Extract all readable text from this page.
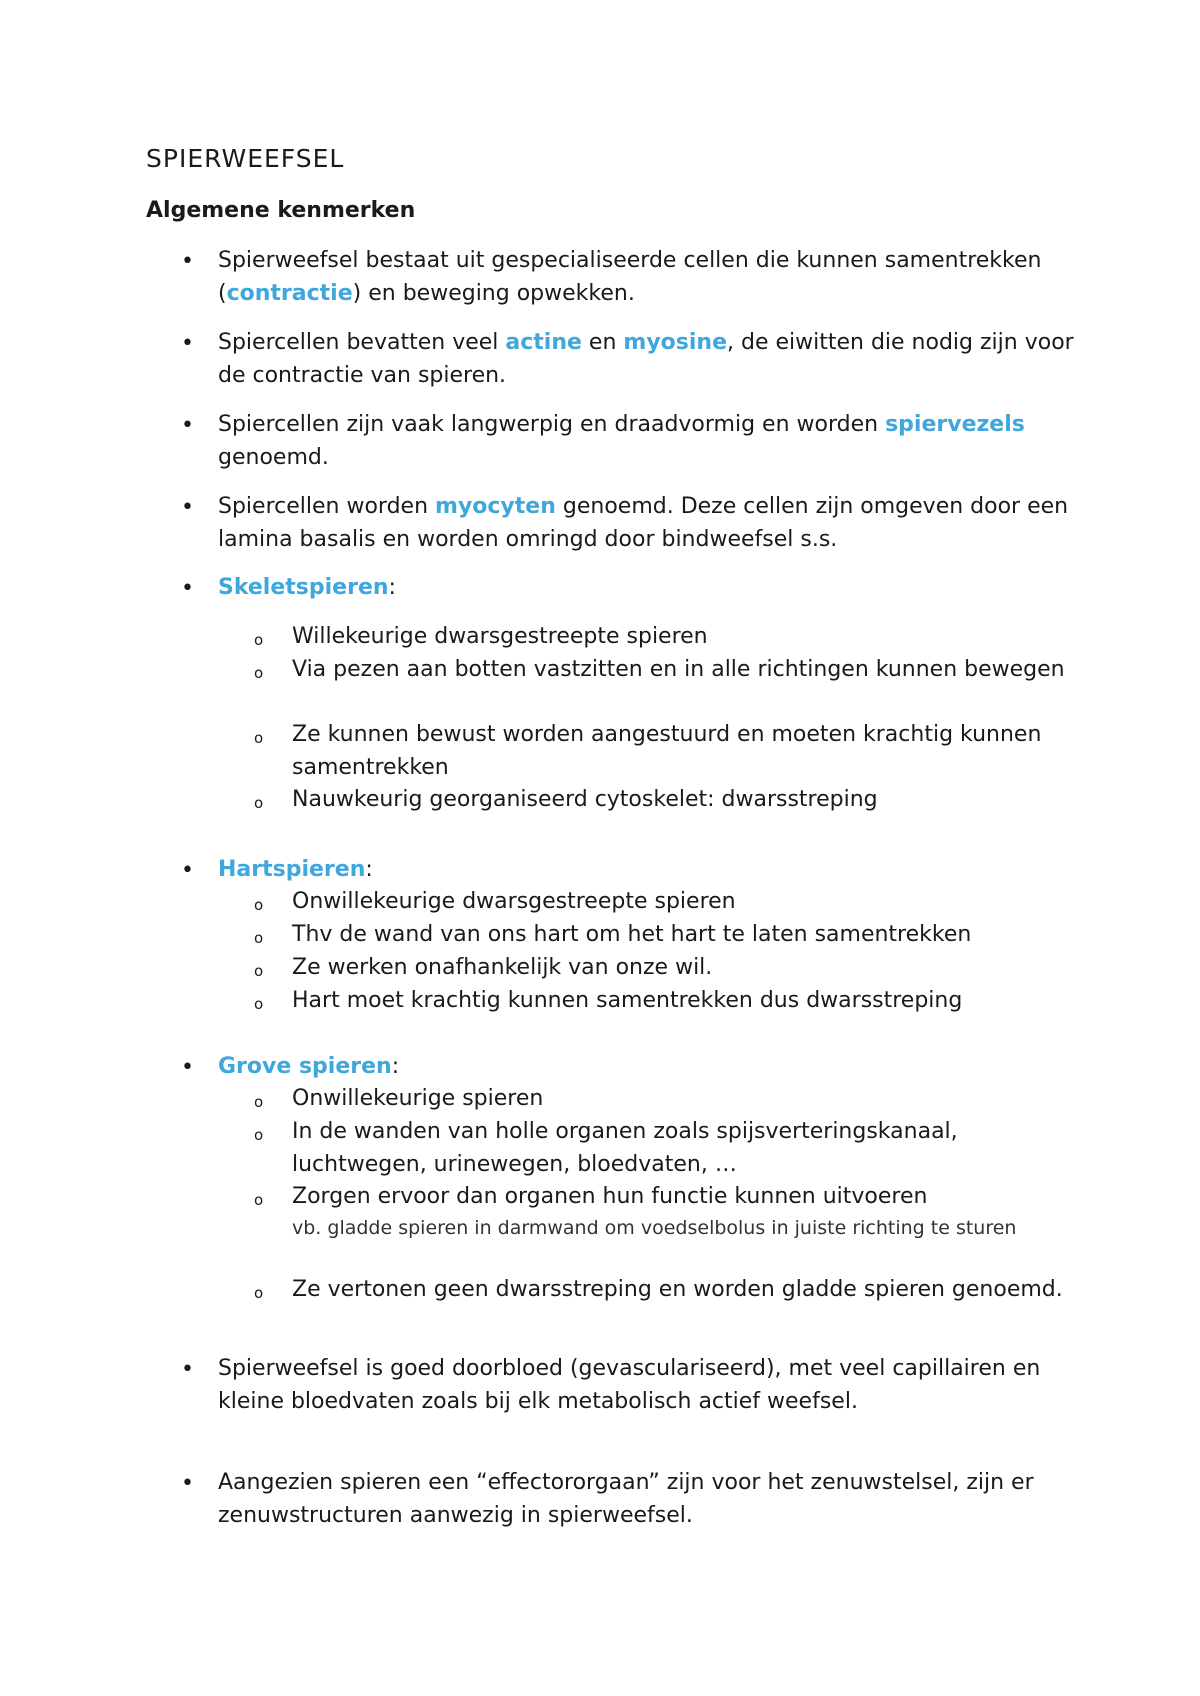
SPIERWEEFSEL
Algemene kenmerken
• Spierweefsel bestaat uit gespecialiseerde cellen die kunnen samentrekken (contractie) en beweging opwekken.
• Spiercellen bevatten veel actine en myosine, de eiwitten die nodig zijn voor de contractie van spieren.
• Spiercellen zijn vaak langwerpig en draadvormig en worden spiervezels genoemd.
• Spiercellen worden myocyten genoemd. Deze cellen zijn omgeven door een lamina basalis en worden omringd door bindweefsel s.s.
• Skeletspieren:
o Willekeurige dwarsgestreepte spieren
o Via pezen aan botten vastzitten en in alle richtingen kunnen bewegen
o Ze kunnen bewust worden aangestuurd en moeten krachtig kunnen samentrekken
o Nauwkeurig georganiseerd cytoskelet: dwarsstreping
• Hartspieren:
o Onwillekeurige dwarsgestreepte spieren
o Thv de wand van ons hart om het hart te laten samentrekken
o Ze werken onafhankelijk van onze wil.
o Hart moet krachtig kunnen samentrekken dus dwarsstreping
• Grove spieren:
o Onwillekeurige spieren
o In de wanden van holle organen zoals spijsverteringskanaal, luchtwegen, urinewegen, bloedvaten, …
o Zorgen ervoor dan organen hun functie kunnen uitvoeren
vb. gladde spieren in darmwand om voedselbolus in juiste richting te sturen
o Ze vertonen geen dwarsstreping en worden gladde spieren genoemd.
• Spierweefsel is goed doorbloed (gevasculariseerd), met veel capillairen en kleine bloedvaten zoals bij elk metabolisch actief weefsel.
• Aangezien spieren een “effectororgaan” zijn voor het zenuwstelsel, zijn er zenuwstructuren aanwezig in spierweefsel.
